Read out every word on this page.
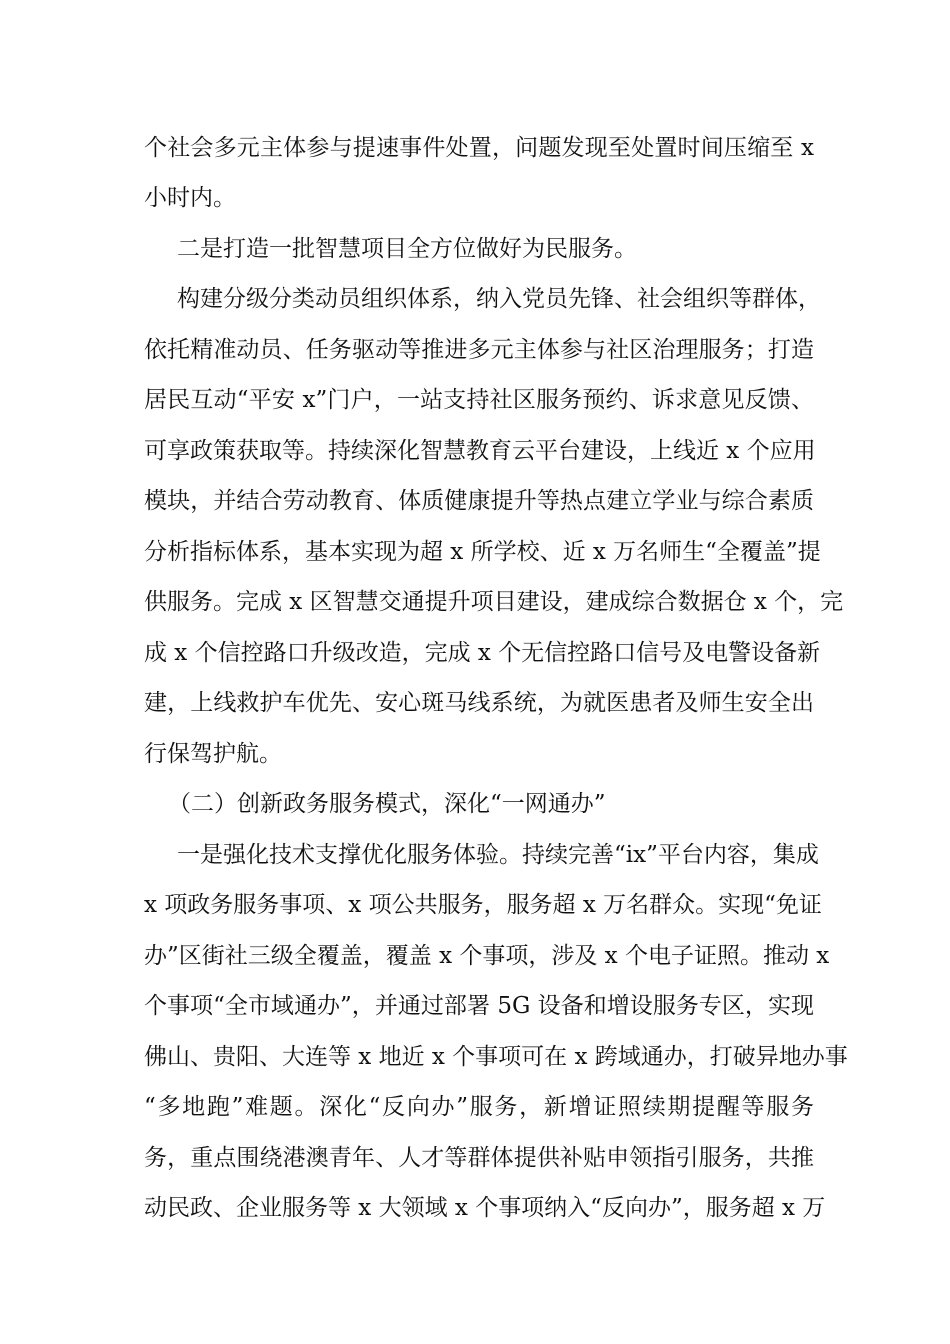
个社会多元主体参与提速事件处置，问题发现至处置时间压缩至 x
小时内。
二是打造一批智慧项目全方位做好为民服务。
构建分级分类动员组织体系，纳入党员先锋、社会组织等群体，
依托精准动员、任务驱动等推进多元主体参与社区治理服务；打造
居民互动“平安 x”门户，一站支持社区服务预约、诉求意见反馈、
可享政策获取等。持续深化智慧教育云平台建设，上线近 x 个应用
模块，并结合劳动教育、体质健康提升等热点建立学业与综合素质
分析指标体系，基本实现为超 x 所学校、近 x 万名师生“全覆盖”提
供服务。完成 x 区智慧交通提升项目建设，建成综合数据仓 x 个，完
成 x 个信控路口升级改造，完成 x 个无信控路口信号及电警设备新
建，上线救护车优先、安心斑马线系统，为就医患者及师生安全出
行保驾护航。
（二）创新政务服务模式，深化“一网通办”
一是强化技术支撑优化服务体验。持续完善“ix”平台内容，集成
x 项政务服务事项、x 项公共服务，服务超 x 万名群众。实现“免证
办”区街社三级全覆盖，覆盖 x 个事项，涉及 x 个电子证照。推动 x
个事项“全市域通办”，并通过部署 5G 设备和增设服务专区，实现
佛山、贵阳、大连等 x 地近 x 个事项可在 x 跨域通办，打破异地办事
“多地跑”难题。深化“反向办”服务，新增证照续期提醒等服务
务，重点围绕港澳青年、人才等群体提供补贴申领指引服务，共推
动民政、企业服务等 x 大领域 x 个事项纳入“反向办”，服务超 x 万
